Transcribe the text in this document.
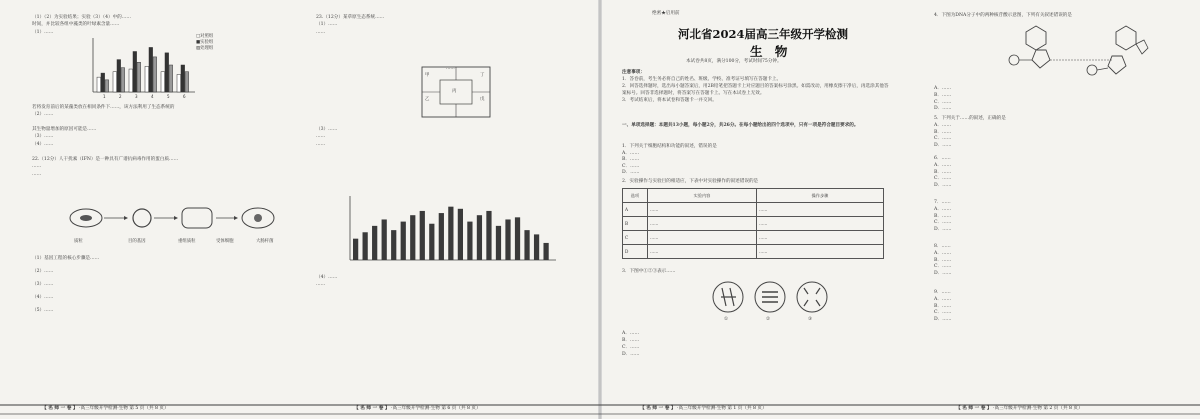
（1）（2）为实验结果；实验（3）（4）中的……

时间，并比较各组中藻类的叶绿素含量……

（1）……

1	2	3	4	5	6

□对照组

■实验组

▨处理组

若将发育前后的某藻类放在相同条件下……，该方法利用了生态系统的

（2）……

其生物量增加的原因可能是……

（3）……

（4）……

22.（12分）人干扰素（IFN）是一种具有广谱抗病毒作用的蛋白质……

……

……

质粒	目的基因	重组质粒	受体细胞	大肠杆菌

（1）基因工程的核心步骤是……

（2）……

（3）……

（4）……

（5）……

【 名 师 一 卷 】 ·高三年级开学检测·生物 第 5 页（共 8 页）

23.（12分）某草原生态系统……

（1）……

……

……
甲
乙
丙
丁
戊

（3）……

……

……

（4）……

……

【 名 师 一 卷 】 ·高三年级开学检测·生物 第 6 页（共 8 页）

绝密★启用前

河北省2024届高三年级开学检测
生 物

本试卷共8页，满分100分，考试时间75分钟。

注意事项：

1．答卷前，考生务必将自己的姓名、班级、学校、准考证号填写在答题卡上。

2．回答选择题时，选出每小题答案后，用2B铅笔把答题卡上对应题目的答案标号涂黑。如需改动，用橡皮擦干净后，再选涂其他答案标号。回答非选择题时，将答案写在答题卡上。写在本试卷上无效。

3．考试结束后，将本试卷和答题卡一并交回。

一、单项选择题：本题共13小题，每小题2分，共26分。在每小题给出的四个选项中，只有一项是符合题目要求的。

1．下列关于细胞结构和功能的叙述，错误的是

A．……

B．……

C．……

D．……

2．实验操作与实验目的相适应，下表中对实验操作的叙述错误的是

选项	实验内容	操作步骤
A	……	……
B	……	……
C	……	……
D	……	……

3．下图中①②③表示……

①	②	③

A．……

B．……

C．……

D．……

【 名 师 一 卷 】 ·高三年级开学检测·生物 第 1 页（共 8 页）

4．下图为DNA分子中的两种核苷酸示意图，下列有关叙述错误的是

A．……

B．……

C．……

D．……

5．下列关于……的叙述，正确的是

A．……

B．……

C．……

D．……

6．……

A．……

B．……

C．……

D．……

7．……

A．……

B．……

C．……

D．……

8．……

A．……

B．……

C．……

D．……

9．……

A．……

B．……

C．……

D．……

【 名 师 一 卷 】 ·高三年级开学检测·生物 第 2 页（共 8 页）
